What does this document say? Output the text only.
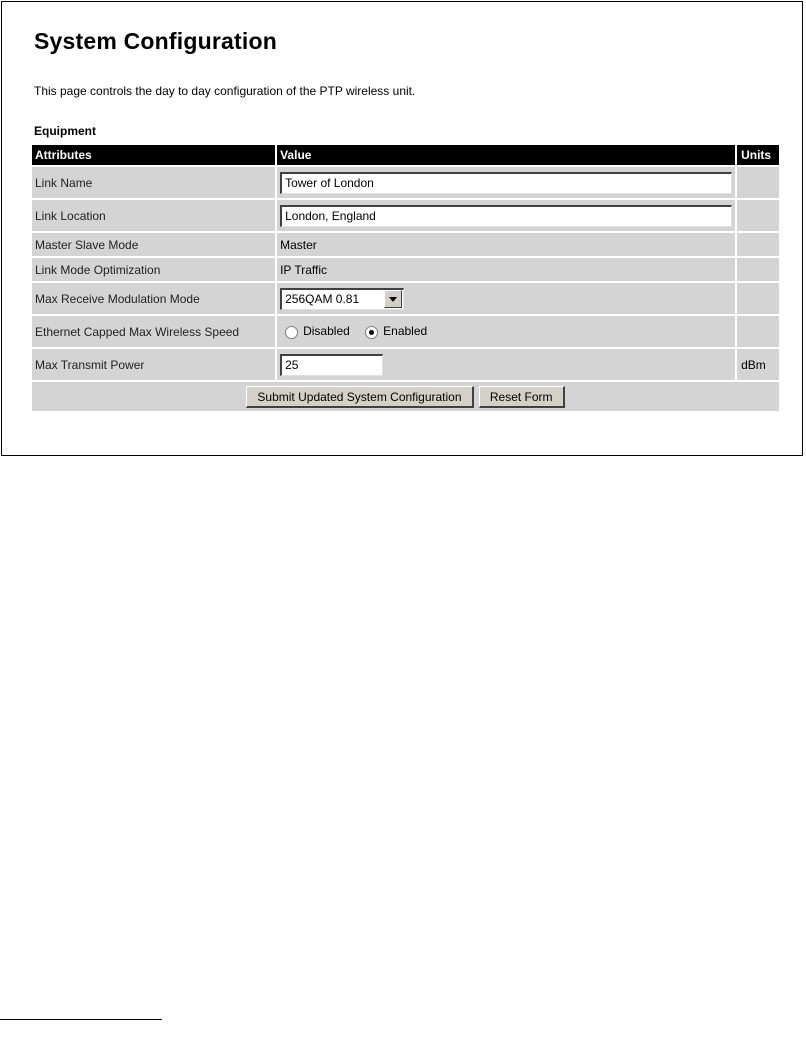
System Configuration
This page controls the day to day configuration of the PTP wireless unit.
Equipment
Attributes	Value	Units
Link Name	Tower of London	
Link Location	London, England	
Master Slave Mode	Master	
Link Mode Optimization	IP Traffic	
Max Receive Modulation Mode	256QAM 0.81	

Ethernet Capped Max Wireless Speed	Disabled Enabled	
Max Transmit Power	25	dBm
Submit Updated System Configuration Reset Form		
